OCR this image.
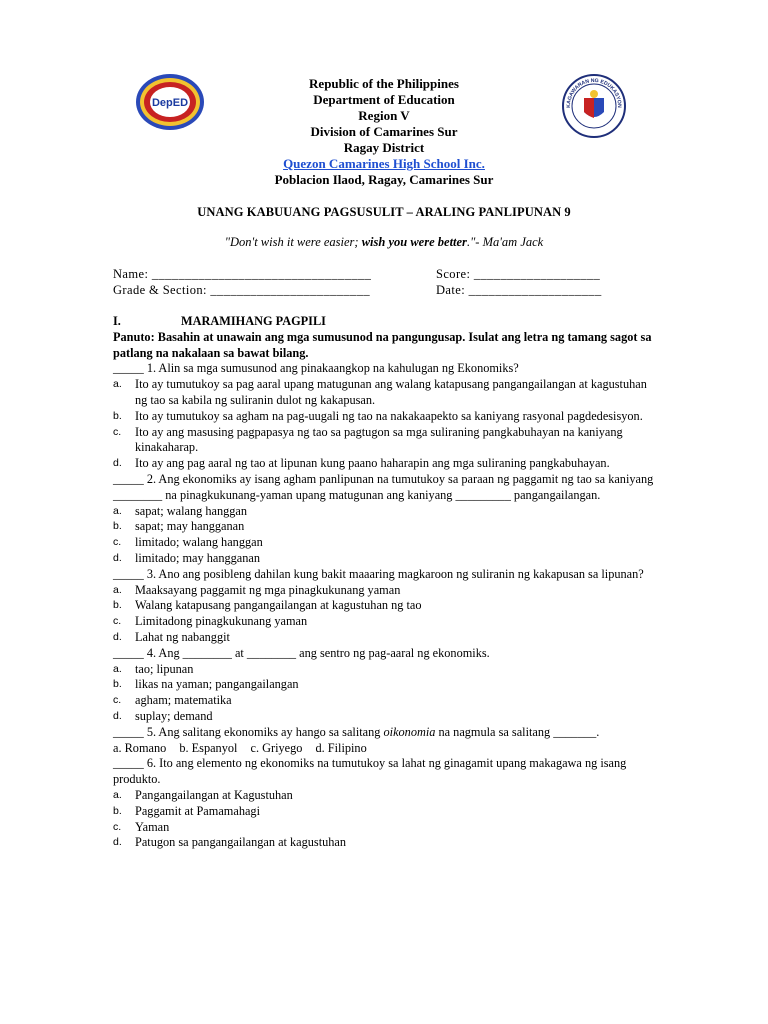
DepED	KAGAWARAN NG EDUKASYON
Republic of the Philippines
Department of Education
Region V
Division of Camarines Sur
Ragay District
Quezon Camarines High School Inc.
Poblacion Ilaod, Ragay, Camarines Sur
UNANG KABUUANG PAGSUSULIT – ARALING PANLIPUNAN 9
"Don't wish it were easier; wish you were better."- Ma'am Jack
Name: _________________________________	Score: ___________________
Grade & Section: ________________________	Date: ____________________
I.	MARAMIHANG PAGPILI
Panuto: Basahin at unawain ang mga sumusunod na pangungusap. Isulat ang letra ng tamang sagot sa patlang na nakalaan sa bawat bilang.
_____ 1. Alin sa mga sumusunod ang pinakaangkop na kahulugan ng Ekonomiks?
a.	Ito ay tumutukoy sa pag aaral upang matugunan ang walang katapusang pangangailangan at kagustuhan ng tao sa kabila ng suliranin dulot ng kakapusan.
b.	Ito ay tumutukoy sa agham na pag-uugali ng tao na nakakaapekto sa kaniyang rasyonal pagdedesisyon.
c.	Ito ay ang masusing pagpapasya ng tao sa pagtugon sa mga suliraning pangkabuhayan na kaniyang kinakaharap.
d.	Ito ay ang pag aaral ng tao at lipunan kung paano haharapin ang mga suliraning pangkabuhayan.
_____ 2. Ang ekonomiks ay isang agham panlipunan na tumutukoy sa paraan ng paggamit ng tao sa kaniyang ________ na pinagkukunang-yaman upang matugunan ang kaniyang _________ pangangailangan.
a.	sapat; walang hanggan
b.	sapat; may hangganan
c.	limitado; walang hanggan
d.	limitado; may hangganan
_____ 3. Ano ang posibleng dahilan kung bakit maaaring magkaroon ng suliranin ng kakapusan sa lipunan?
a.	Maaksayang paggamit ng mga pinagkukunang yaman
b.	Walang katapusang pangangailangan at kagustuhan ng tao
c.	Limitadong pinagkukunang yaman
d.	Lahat ng nabanggit
_____ 4. Ang ________ at ________ ang sentro ng pag-aaral ng ekonomiks.
a.	tao; lipunan
b.	likas na yaman; pangangailangan
c.	agham; matematika
d.	suplay; demand
_____ 5. Ang salitang ekonomiks ay hango sa salitang oikonomia na nagmula sa salitang _______.
a. Romano b. Espanyol c. Griyego d. Filipino
_____ 6. Ito ang elemento ng ekonomiks na tumutukoy sa lahat ng ginagamit upang makagawa ng isang produkto.
a.	Pangangailangan at Kagustuhan
b.	Paggamit at Pamamahagi
c.	Yaman
d.	Patugon sa pangangailangan at kagustuhan
